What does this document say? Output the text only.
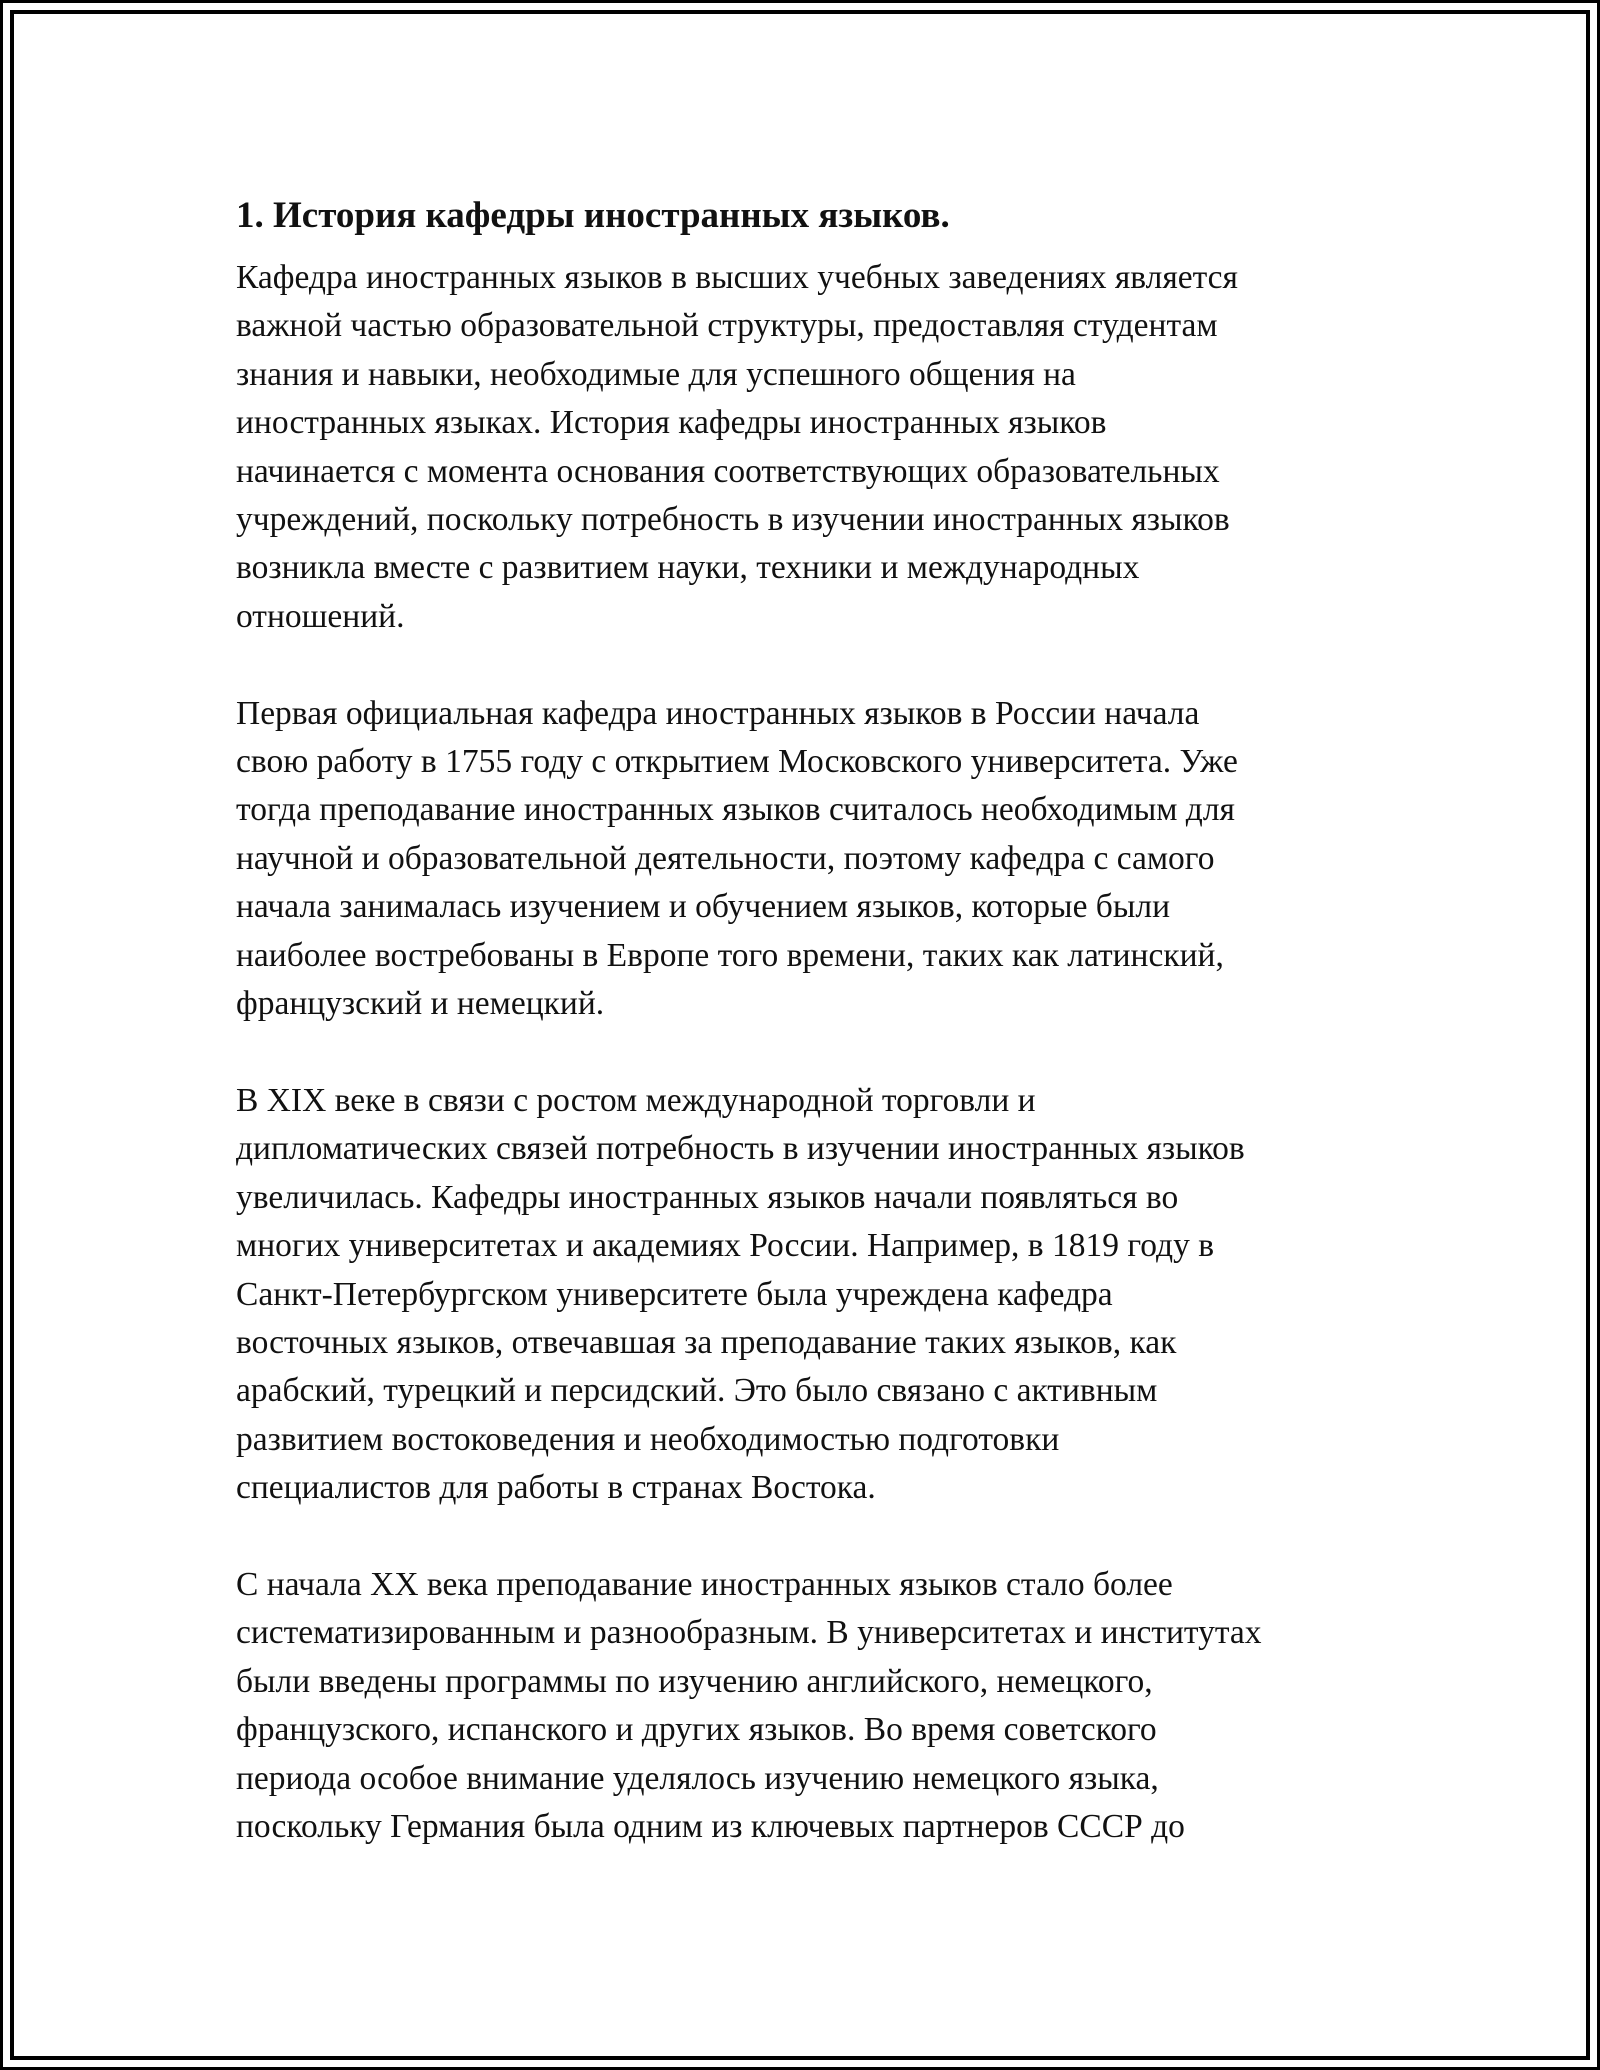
1. История кафедры иностранных языков.
Кафедра иностранных языков в высших учебных заведениях является
важной частью образовательной структуры, предоставляя студентам
знания и навыки, необходимые для успешного общения на
иностранных языках. История кафедры иностранных языков
начинается с момента основания соответствующих образовательных
учреждений, поскольку потребность в изучении иностранных языков
возникла вместе с развитием науки, техники и международных
отношений.
Первая официальная кафедра иностранных языков в России начала
свою работу в 1755 году с открытием Московского университета. Уже
тогда преподавание иностранных языков считалось необходимым для
научной и образовательной деятельности, поэтому кафедра с самого
начала занималась изучением и обучением языков, которые были
наиболее востребованы в Европе того времени, таких как латинский,
французский и немецкий.
В XIX веке в связи с ростом международной торговли и
дипломатических связей потребность в изучении иностранных языков
увеличилась. Кафедры иностранных языков начали появляться во
многих университетах и академиях России. Например, в 1819 году в
Санкт-Петербургском университете была учреждена кафедра
восточных языков, отвечавшая за преподавание таких языков, как
арабский, турецкий и персидский. Это было связано с активным
развитием востоковедения и необходимостью подготовки
специалистов для работы в странах Востока.
С начала XX века преподавание иностранных языков стало более
систематизированным и разнообразным. В университетах и институтах
были введены программы по изучению английского, немецкого,
французского, испанского и других языков. Во время советского
периода особое внимание уделялось изучению немецкого языка,
поскольку Германия была одним из ключевых партнеров СССР до
